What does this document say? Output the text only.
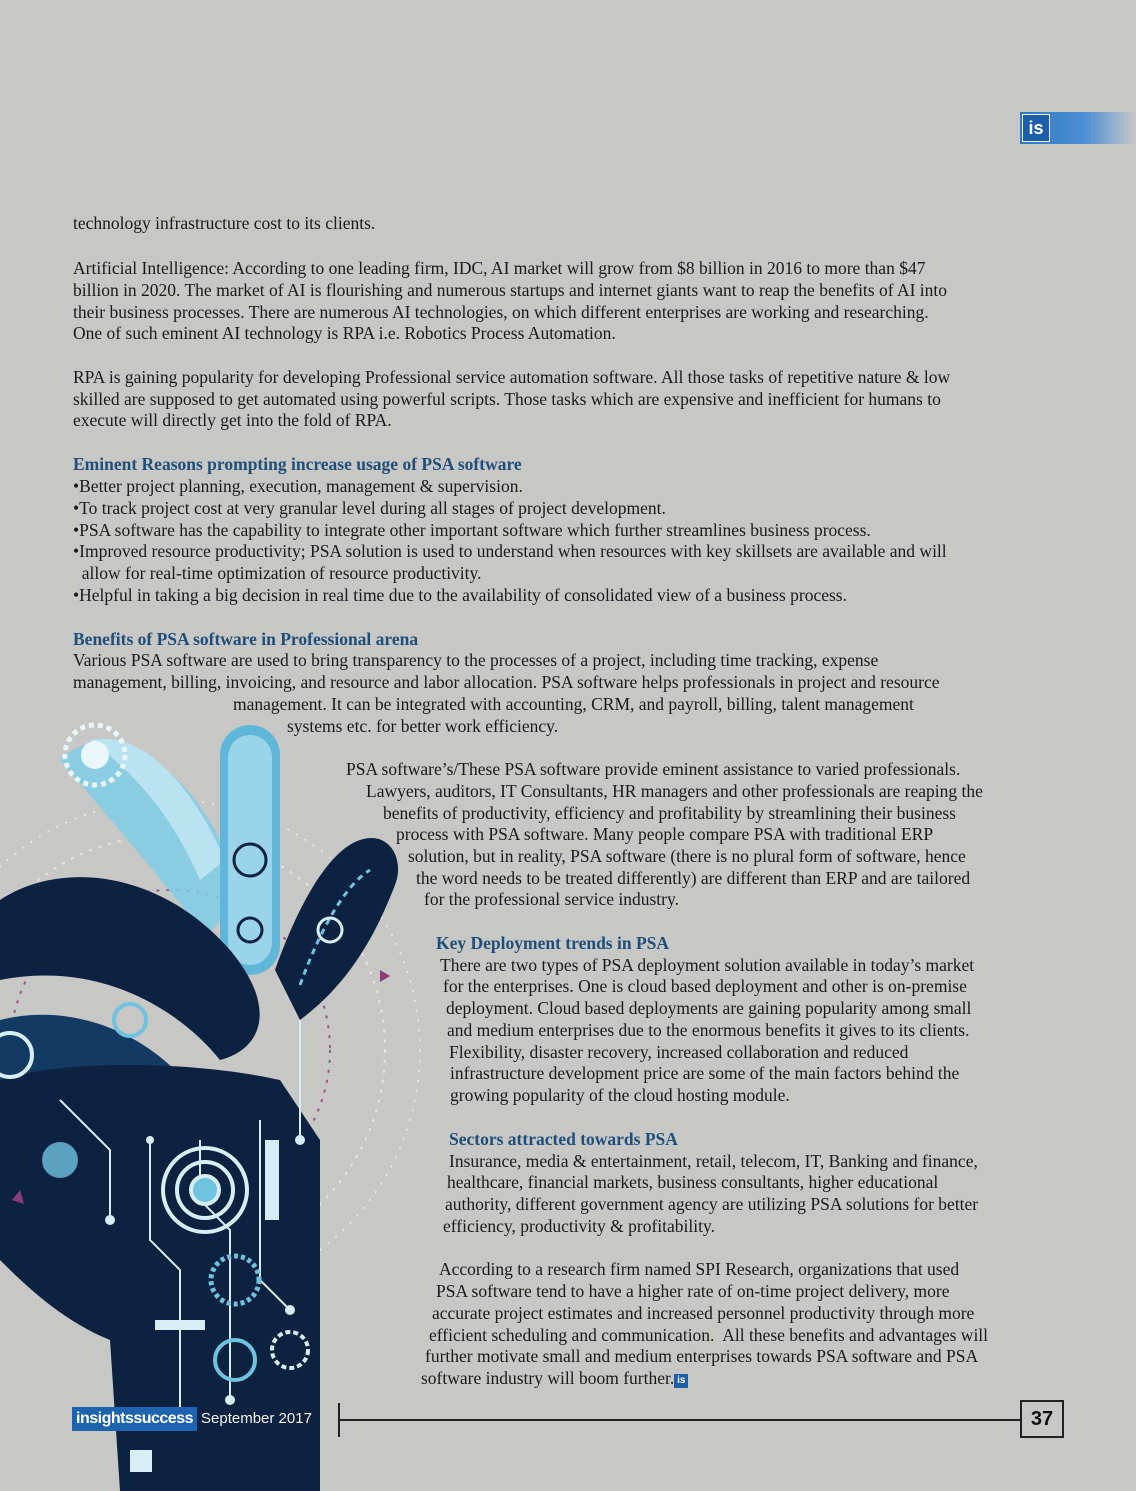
is

technology infrastructure cost to its clients.

Artificial Intelligence: According to one leading firm, IDC, AI market will grow from $8 billion in 2016 to more than $47

billion in 2020. The market of AI is flourishing and numerous startups and internet giants want to reap the benefits of AI into

their business processes. There are numerous AI technologies, on which different enterprises are working and researching.

One of such eminent AI technology is RPA i.e. Robotics Process Automation.

RPA is gaining popularity for developing Professional service automation software. All those tasks of repetitive nature & low

skilled are supposed to get automated using powerful scripts. Those tasks which are expensive and inefficient for humans to

execute will directly get into the fold of RPA.

Eminent Reasons prompting increase usage of PSA software

•Better project planning, execution, management & supervision.

•To track project cost at very granular level during all stages of project development.

•PSA software has the capability to integrate other important software which further streamlines business process.

•Improved resource productivity; PSA solution is used to understand when resources with key skillsets are available and will

allow for real-time optimization of resource productivity.

•Helpful in taking a big decision in real time due to the availability of consolidated view of a business process.

Benefits of PSA software in Professional arena

Various PSA software are used to bring transparency to the processes of a project, including time tracking, expense

management, billing, invoicing, and resource and labor allocation. PSA software helps professionals in project and resource

management. It can be integrated with accounting, CRM, and payroll, billing, talent management

systems etc. for better work efficiency.

PSA software’s/These PSA software provide eminent assistance to varied professionals.

Lawyers, auditors, IT Consultants, HR managers and other professionals are reaping the

benefits of productivity, efficiency and profitability by streamlining their business

process with PSA software. Many people compare PSA with traditional ERP

solution, but in reality, PSA software (there is no plural form of software, hence

the word needs to be treated differently) are different than ERP and are tailored

for the professional service industry.

Key Deployment trends in PSA

There are two types of PSA deployment solution available in today’s market

for the enterprises. One is cloud based deployment and other is on-premise

deployment. Cloud based deployments are gaining popularity among small

and medium enterprises due to the enormous benefits it gives to its clients.

Flexibility, disaster recovery, increased collaboration and reduced

infrastructure development price are some of the main factors behind the

growing popularity of the cloud hosting module.

Sectors attracted towards PSA

Insurance, media & entertainment, retail, telecom, IT, Banking and finance,

healthcare, financial markets, business consultants, higher educational

authority, different government agency are utilizing PSA solutions for better

efficiency, productivity & profitability.

According to a research firm named SPI Research, organizations that used

PSA software tend to have a higher rate of on-time project delivery, more

accurate project estimates and increased personnel productivity through more

efficient scheduling and communication.  All these benefits and advantages will

further motivate small and medium enterprises towards PSA software and PSA

software industry will boom further. is

insightssuccess September 2017	37
